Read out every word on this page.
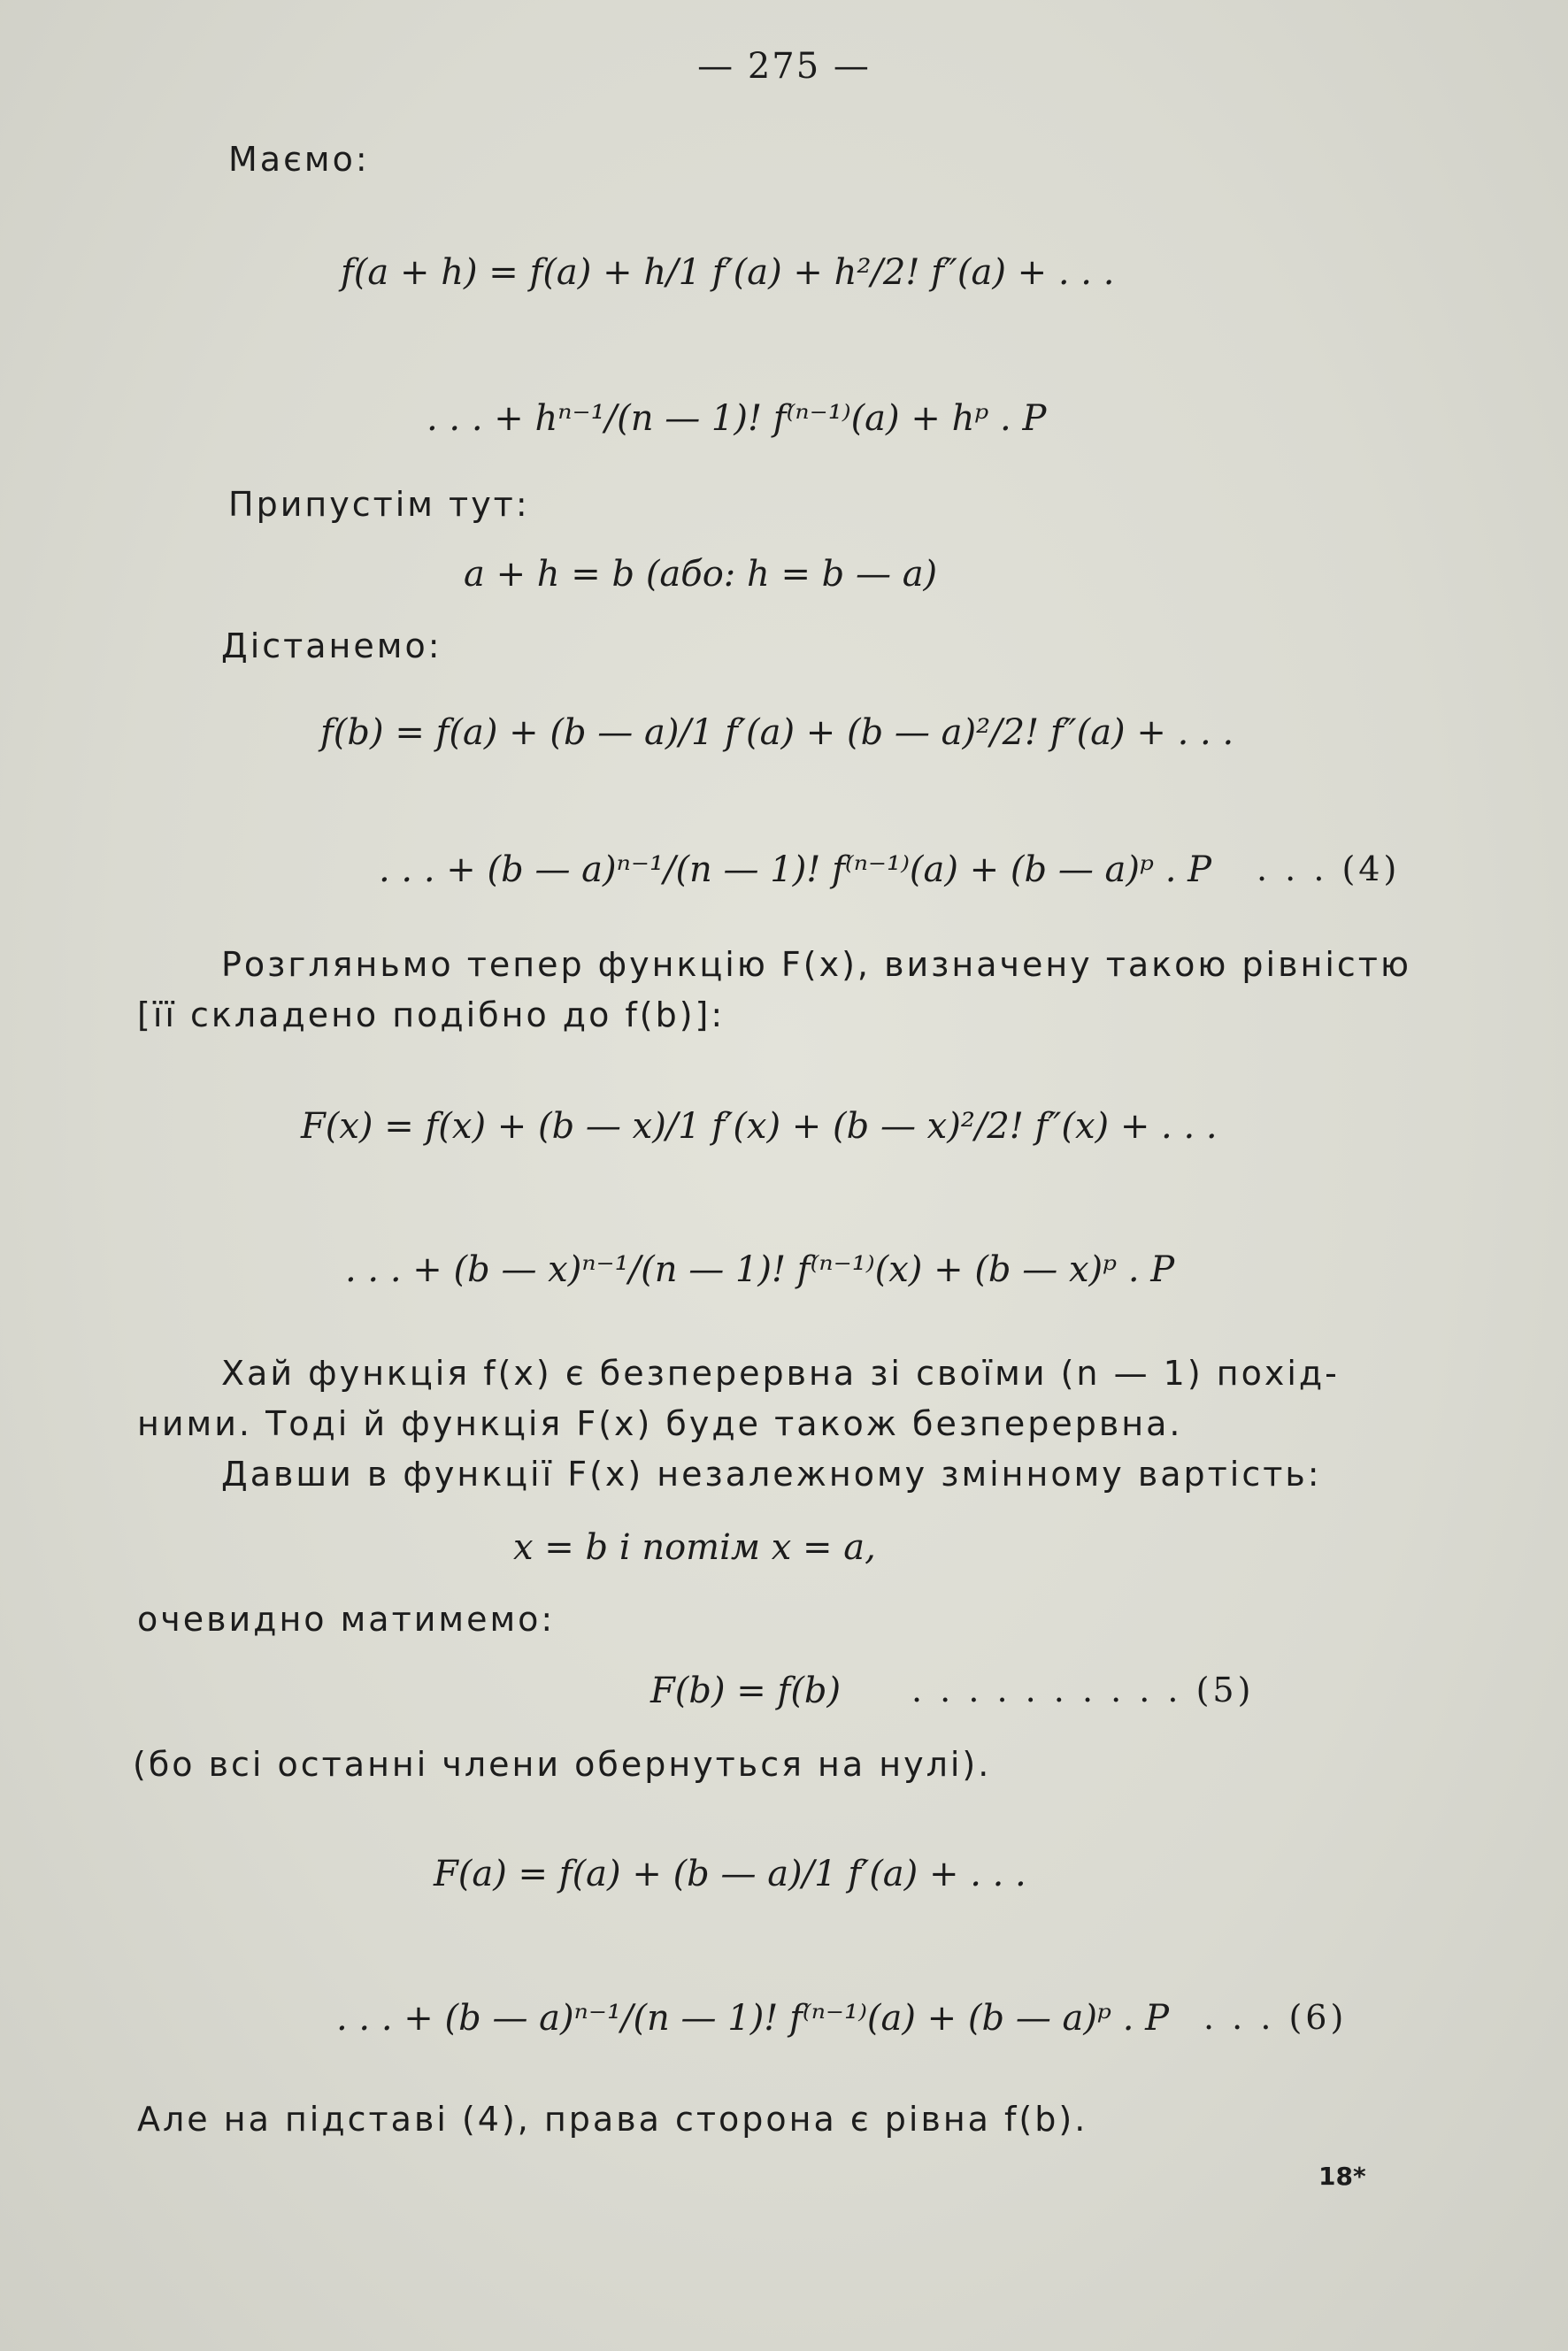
— 275 —
Маємо:
f(a + h) = f(a) + h/1 f′(a) + h²/2! f″(a) + . . .
. . . + hⁿ⁻¹/(n — 1)! f⁽ⁿ⁻¹⁾(a) + hᵖ . P
Припустім тут:
a + h = b (або: h = b — a)
Дістанемо:
f(b) = f(a) + (b — a)/1 f′(a) + (b — a)²/2! f″(a) + . . .
. . . + (b — a)ⁿ⁻¹/(n — 1)! f⁽ⁿ⁻¹⁾(a) + (b — a)ᵖ . P . . . (4)
Розгляньмо тепер функцію F(x), визначену такою рівністю
[її складено подібно до f(b)]:
F(x) = f(x) + (b — x)/1 f′(x) + (b — x)²/2! f″(x) + . . .
. . . + (b — x)ⁿ⁻¹/(n — 1)! f⁽ⁿ⁻¹⁾(x) + (b — x)ᵖ . P
Хай функція f(x) є безперервна зі своїми (n — 1) похід-
ними. Тоді й функція F(x) буде також безперервна.
Давши в функції F(x) незалежному змінному вартість:
x = b і потім x = a,
очевидно матимемо:
F(b) = f(b) . . . . . . . . . . (5)
(бо всі останні члени обернуться на нулі).
F(a) = f(a) + (b — a)/1 f′(a) + . . .
. . . + (b — a)ⁿ⁻¹/(n — 1)! f⁽ⁿ⁻¹⁾(a) + (b — a)ᵖ . P . . . (6)
Але на підставі (4), права сторона є рівна f(b).
18*
